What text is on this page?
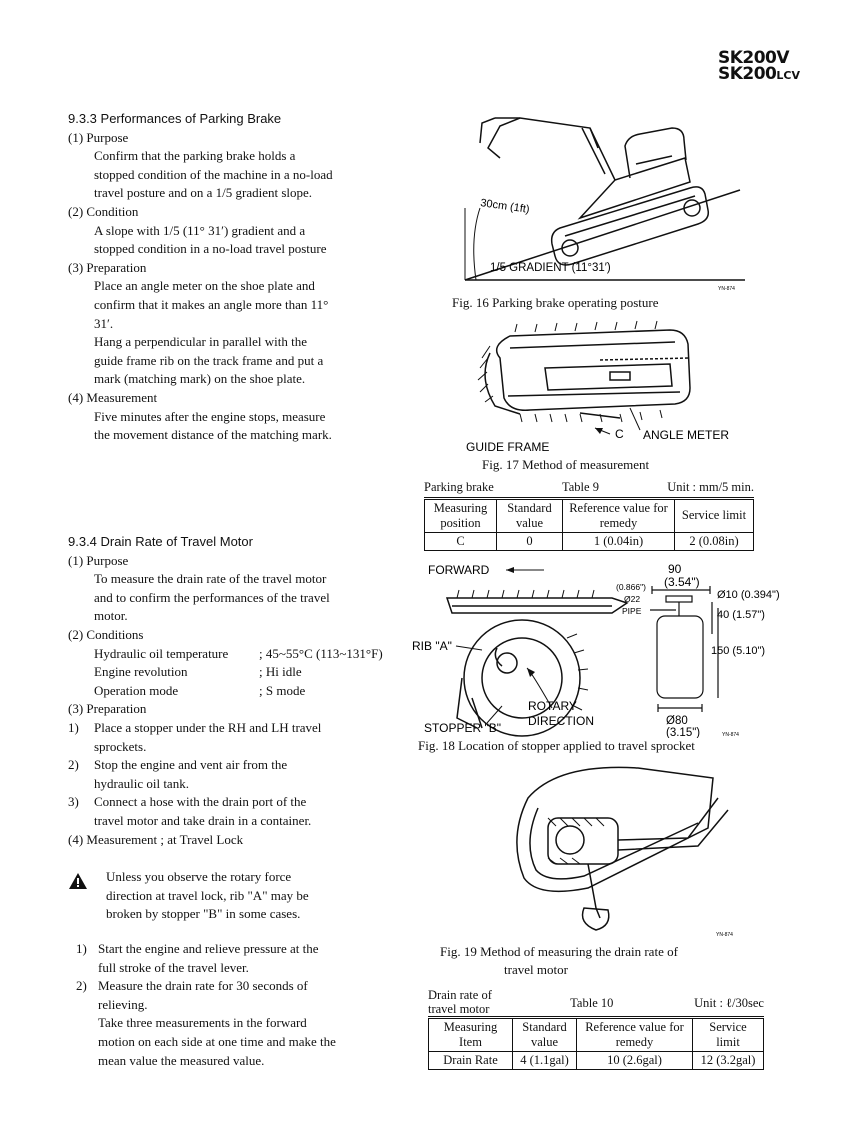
SK200V
SK200LCV
9.3.3 Performances of Parking Brake
(1) Purpose
Confirm that the parking brake holds a
stopped condition of the machine in a no-load
travel posture and on a 1/5 gradient slope.
(2) Condition
A slope with 1/5 (11° 31′) gradient and a
stopped condition in a no-load travel posture
(3) Preparation
Place an angle meter on the shoe plate and
confirm that it makes an angle more than 11°
31′.
Hang a perpendicular in parallel with the
guide frame rib on the track frame and put a
mark (matching mark) on the shoe plate.
(4) Measurement
Five minutes after the engine stops, measure
the movement distance of the matching mark.
9.3.4 Drain Rate of Travel Motor
(1) Purpose
To measure the drain rate of the travel motor
and to confirm the performances of the travel
motor.
(2) Conditions
Hydraulic oil temperature	; 45~55°C (113~131°F)
Engine revolution	; Hi idle
Operation mode	; S mode
(3) Preparation
1)	Place a stopper under the RH and LH travel
sprockets.
2)	Stop the engine and vent air from the
hydraulic oil tank.
3)	Connect a hose with the drain port of the
travel motor and take drain in a container.
(4) Measurement ; at Travel Lock
Unless you observe the rotary force
direction at travel lock, rib "A" may be
broken by stopper "B" in some cases.
1) Start the engine and relieve pressure at the
full stroke of the travel lever.
2) Measure the drain rate for 30 seconds of
relieving.
Take three measurements in the forward
motion on each side at one time and make the
mean value the measured value.
30cm (1ft)
1/5 GRADIENT (11°31′)
YN-874
Fig. 16 Parking brake operating posture
C ANGLE METER
GUIDE FRAME
Fig. 17 Method of measurement
Parking brake	Table 9	Unit : mm/5 min.
Measuring position	Standard value	Reference value for remedy	Service limit
C	0	1 (0.04in)	2 (0.08in)
FORWARD
RIB "A"
STOPPER "B"
ROTARY
DIRECTION
90
(3.54")
(0.866")
Ø22
PIPE
Ø10 (0.394")
40 (1.57")
150 (5.10")
Ø80
(3.15")	YN-874
Fig. 18 Location of stopper applied to travel sprocket
YN-874
Fig. 19 Method of measuring the drain rate of
travel motor
Drain rate of
travel motor	Table 10	Unit : ℓ/30sec
Measuring Item	Standard value	Reference value for remedy	Service limit
Drain Rate	4 (1.1gal)	10 (2.6gal)	12 (3.2gal)
